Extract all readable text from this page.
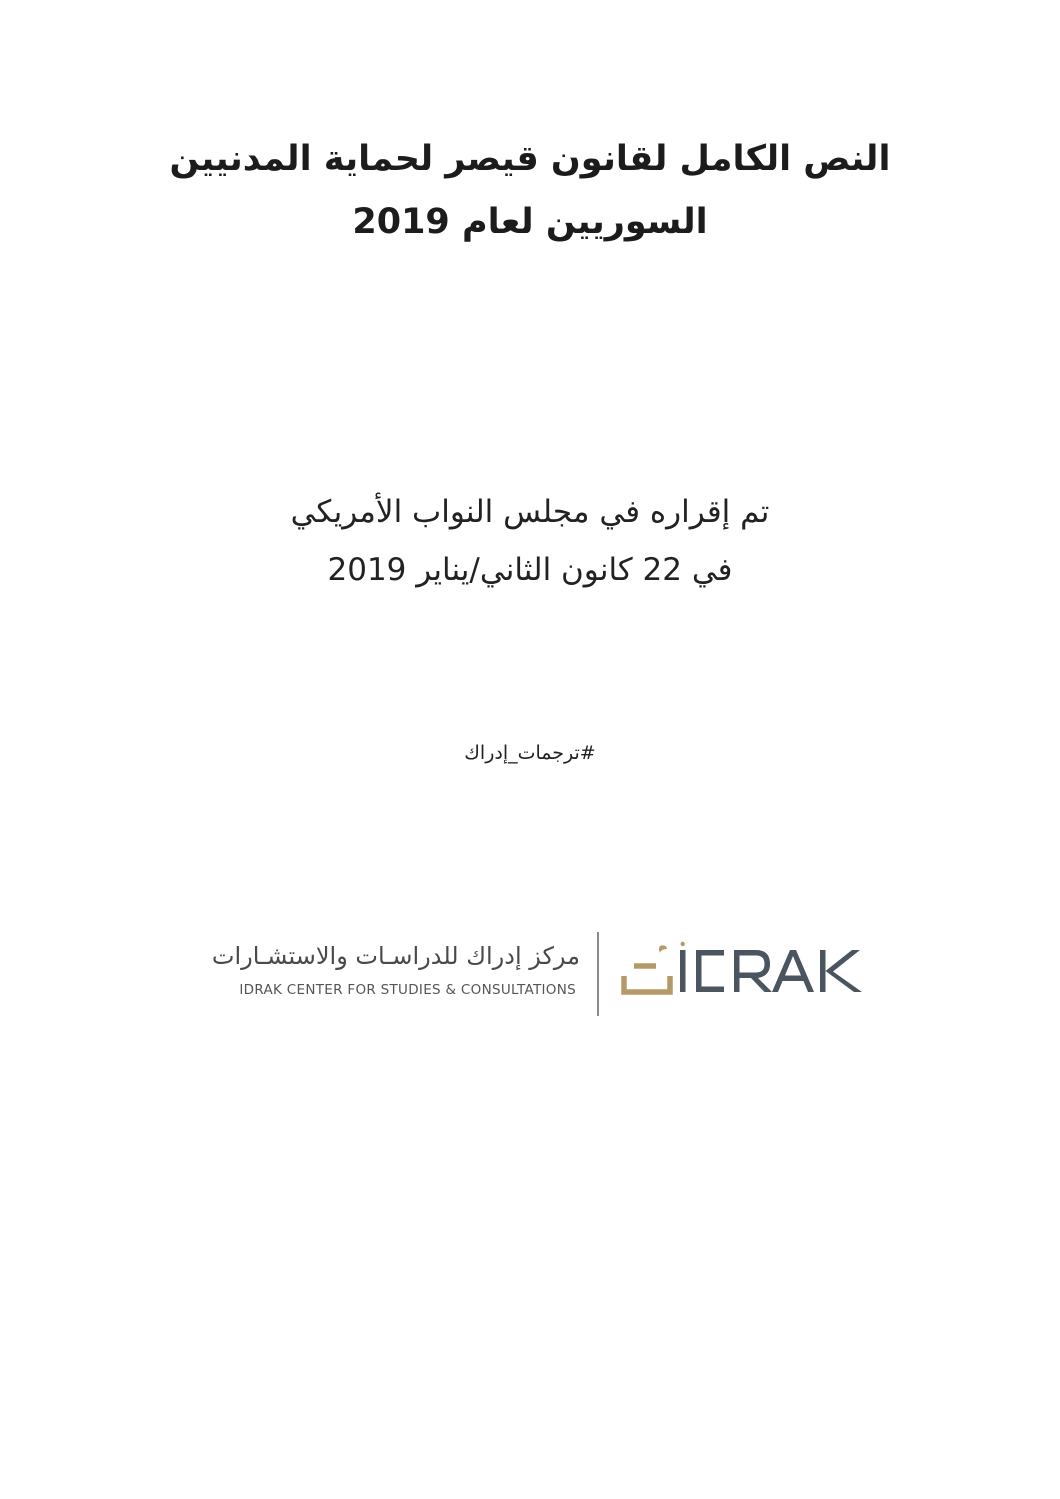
النص الكامل لقانون قيصر لحماية المدنيين
السوريين لعام 2019
تم إقراره في مجلس النواب الأمريكي
في 22 كانون الثاني/يناير 2019
#ترجمات_إدراك
مركز إدراك للدراسـات والاستشـارات
IDRAK CENTER FOR STUDIES & CONSULTATIONS
